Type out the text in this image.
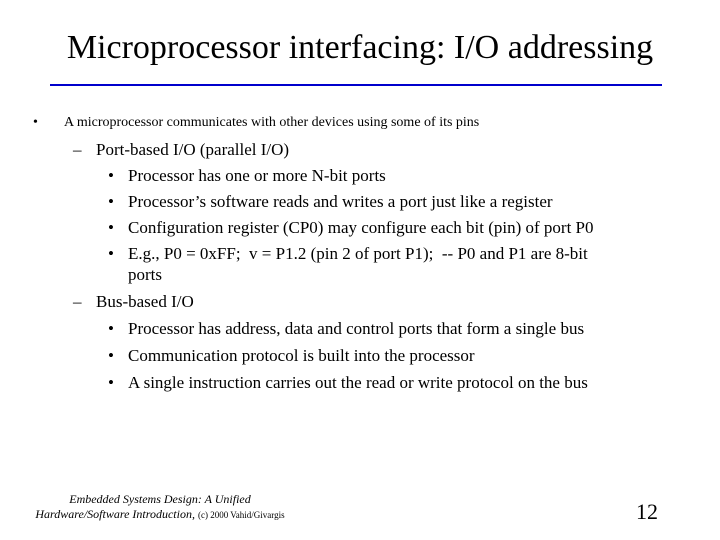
Microprocessor interfacing: I/O addressing
• A microprocessor communicates with other devices using some of its pins
– Port-based I/O (parallel I/O)
• Processor has one or more N-bit ports
• Processor’s software reads and writes a port just like a register
• Configuration register (CP0) may configure each bit (pin) of port P0
• E.g., P0 = 0xFF;  v = P1.2 (pin 2 of port P1);  -- P0 and P1 are 8-bit
ports
– Bus-based I/O
• Processor has address, data and control ports that form a single bus
• Communication protocol is built into the processor
• A single instruction carries out the read or write protocol on the bus
Embedded Systems Design: A Unified
Hardware/Software Introduction, (c) 2000 Vahid/Givargis	12
